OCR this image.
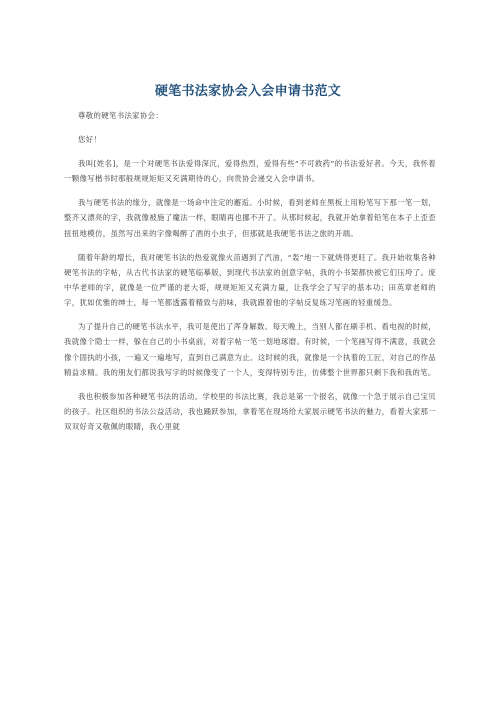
硬笔书法家协会入会申请书范文

尊敬的硬笔书法家协会：

您好！

我叫[姓名]，是一个对硬笔书法爱得深沉，爱得热烈，爱得有些“不可救药”的书法爱好者。今天，我怀着一颗像写楷书时那般规规矩矩又充满期待的心，向贵协会递交入会申请书。

我与硬笔书法的缘分，就像是一场命中注定的邂逅。小时候，看到老师在黑板上用粉笔写下那一笔一划，整齐又漂亮的字，我就像被施了魔法一样，眼睛再也挪不开了。从那时候起，我就开始拿着铅笔在本子上歪歪扭扭地模仿，虽然写出来的字像喝醉了酒的小虫子，但那就是我硬笔书法之旅的开端。

随着年龄的增长，我对硬笔书法的热爱就像火苗遇到了汽油，“轰”地一下就烧得更旺了。我开始收集各种硬笔书法的字帖，从古代书法家的硬笔临摹版，到现代书法家的创意字帖，我的小书架都快被它们压垮了。庞中华老师的字，就像是一位严谨的老大哥，规规矩矩又充满力量，让我学会了写字的基本功；田英章老师的字，犹如优雅的绅士，每一笔都透露着精致与韵味，我就跟着他的字帖反复练习笔画的轻重缓急。

为了提升自己的硬笔书法水平，我可是使出了浑身解数。每天晚上，当别人都在刷手机、看电视的时候，我就像个隐士一样，躲在自己的小书桌前，对着字帖一笔一划地琢磨。有时候，一个笔画写得不满意，我就会像个固执的小孩，一遍又一遍地写，直到自己满意为止。这时候的我，就像是一个执着的工匠，对自己的作品精益求精。我的朋友们都说我写字的时候像变了一个人，变得特别专注，仿佛整个世界都只剩下我和我的笔。

我也积极参加各种硬笔书法的活动。学校里的书法比赛，我总是第一个报名，就像一个急于展示自己宝贝的孩子。社区组织的书法公益活动，我也踊跃参加，拿着笔在现场给大家展示硬笔书法的魅力，看着大家那一双双好奇又敬佩的眼睛，我心里就
